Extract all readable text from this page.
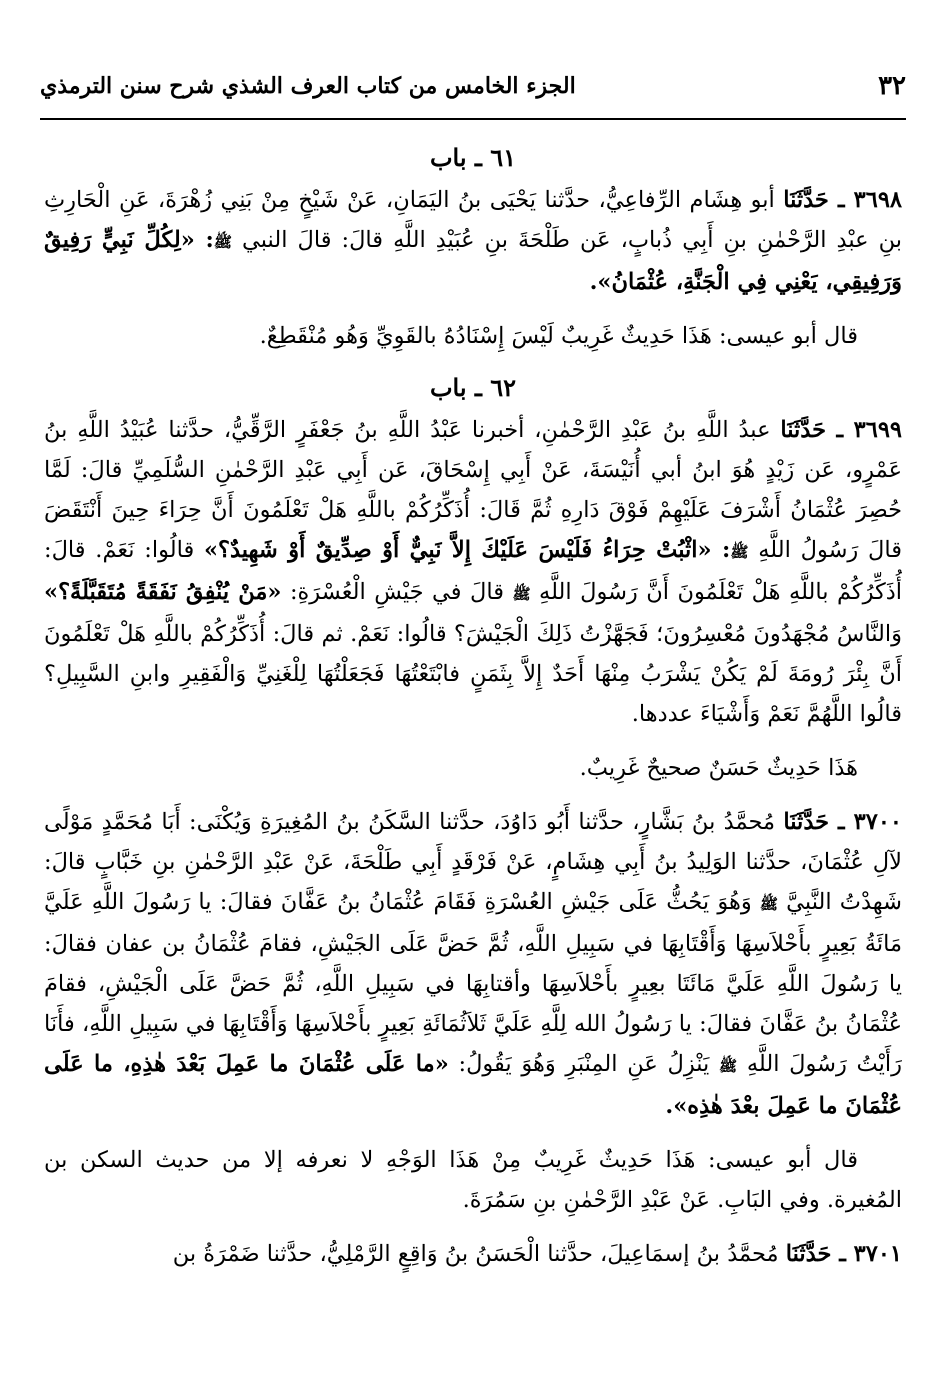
الجزء الخامس من كتاب العرف الشذي شرح سنن الترمذي	٣٢
٦١ ـ باب

٣٦٩٨ ـ حَدَّثَنَا أبو هِشَام الرِّفاعِيُّ، حدَّثنا يَحْيَى بنُ اليَمَانِ، عَنْ شَيْخٍ مِنْ بَنِي زُهْرَةَ، عَنِ الْحَارِثِ بنِ عبْدِ الرَّحْمٰنِ بنِ أَبِي ذُبابٍ، عَن طَلْحَةَ بنِ عُبَيْدِ اللَّهِ قالَ: قالَ النبي ﷺ: «لِكُلِّ نَبِيٍّ رَفِيقٌ وَرَفِيقِي، يَعْنِي فِي الْجَنَّةِ، عُثْمَانُ».

قال أبو عيسى: هَذَا حَدِيثٌ غَرِيبٌ لَيْسَ إِسْنَادُهُ بالقَوِيِّ وَهُو مُنْقَطِعٌ.

٦٢ ـ باب

٣٦٩٩ ـ حَدَّثَنَا عبدُ اللَّهِ بنُ عَبْدِ الرَّحْمٰنِ، أخبرنا عَبْدُ اللَّهِ بنُ جَعْفَرٍ الرَّقِّيُّ، حدَّثنا عُبَيْدُ اللَّهِ بنُ عَمْرٍو، عَن زَيْدٍ هُوَ ابنُ أبي أُنَيْسَةَ، عَنْ أَبِي إِسْحَاقَ، عَن أَبِي عَبْدِ الرَّحْمٰنِ السُّلَمِيِّ قالَ: لَمَّا حُصِرَ عُثْمَانُ أَشْرَفَ عَلَيْهِمْ فَوْقَ دَارِهِ ثُمَّ قَالَ: أُذَكِّرُكُمْ باللَّهِ هَلْ تَعْلَمُونَ أَنَّ حِرَاءَ حِينَ أَنْتَقَضَ قالَ رَسُولُ اللَّهِ ﷺ: «اثْبُتْ حِرَاءُ فَلَيْسَ عَلَيْكَ إِلاَّ نَبِيٌّ أَوْ صِدِّيقٌ أَوْ شَهِيدٌ؟» قالُوا: نَعَمْ. قالَ: أُذَكِّرُكُمْ باللَّهِ هَلْ تَعْلَمُونَ أَنَّ رَسُولَ اللَّهِ ﷺ قالَ في جَيْشِ الْعُسْرَةِ: «مَنْ يُنْفِقُ نَفَقَةً مُتَقَبَّلَةً؟» وَالنَّاسُ مُجْهَدُونَ مُعْسِرُونَ؛ فَجَهَّزْتُ ذَلِكَ الْجَيْشَ؟ قالُوا: نَعَمْ. ثم قالَ: أُذَكِّرُكُمْ باللَّهِ هَلْ تَعْلَمُونَ أَنَّ بِئْرَ رُومَةَ لَمْ يَكُنْ يَشْرَبُ مِنْهَا أَحَدٌ إِلاَّ بِثَمَنٍ فابْتَعْتُهَا فَجَعَلْتُهَا لِلْغَنِيِّ وَالْفَقِيرِ وابنِ السَّبِيلِ؟ قالُوا اللَّهُمَّ نَعَمْ وَأَشْيَاءَ عددها.

هَذَا حَدِيثٌ حَسَنٌ صحيحٌ غَرِيبٌ.

٣٧٠٠ ـ حَدَّثَنَا مُحمَّدُ بنُ بَشَّارٍ، حدَّثنا أَبُو دَاوُدَ، حدَّثنا السَّكَنُ بنُ المُغِيرَةِ وَيُكْنَى: أَبَا مُحَمَّدٍ مَوْلًى لآلِ عُثْمَانَ، حدَّثنا الوَلِيدُ بنُ أَبِي هِشَامٍ، عَنْ فَرْقَدٍ أَبِي طَلْحَةَ، عَنْ عَبْدِ الرَّحْمٰنِ بنِ خَبَّابٍ قالَ: شَهِدْتُ النَّبِيَّ ﷺ وَهُوَ يَحُثُّ عَلَى جَيْشِ العُسْرَةِ فَقَامَ عُثْمَانُ بنُ عَفَّانَ فقالَ: يا رَسُولَ اللَّهِ عَلَيَّ مَائَةُ بَعِيرٍ بأَحْلاَسِهَا وَأَقْتَابِهَا في سَبِيلِ اللَّهِ، ثُمَّ حَضَّ عَلَى الجَيْشِ، فقامَ عُثْمَانُ بن عفان فقالَ: يا رَسُولَ اللَّهِ عَلَيَّ مَائَتَا بعِيرٍ بأَحْلاَسِهَا وأقتابِهَا في سَبِيلِ اللَّهِ، ثُمَّ حَضَّ عَلَى الْجَيْشِ، فقامَ عُثْمَانُ بنُ عَفَّانَ فقالَ: يا رَسُولُ الله لِلَّهِ عَلَيَّ ثَلاَثُمَائَةِ بَعِيرٍ بأَحْلاَسِهَا وَأَقْتَابِهَا في سَبِيلِ اللَّهِ، فأَنَا رَأَيْتُ رَسُولَ اللَّهِ ﷺ يَنْزِلُ عَنِ المِنْبَرِ وَهُوَ يَقُولُ: «ما عَلَى عُثْمَانَ ما عَمِلَ بَعْدَ هٰذِهِ، ما عَلَى عُثْمَانَ ما عَمِلَ بعْدَ هٰذِه».

قال أبو عيسى: هَذَا حَدِيثٌ غَرِيبٌ مِنْ هَذَا الوَجْهِ لا نعرفه إلا من حديث السكن بن المُغيرة. وفي البَابِ. عَنْ عَبْدِ الرَّحْمٰنِ بنِ سَمُرَةَ.

٣٧٠١ ـ حَدَّثَنَا مُحمَّدُ بنُ إسمَاعِيلَ، حدَّثنا الْحَسَنُ بنُ وَاقِعٍ الرَّمْلِيُّ، حدَّثنا ضَمْرَةُ بن
